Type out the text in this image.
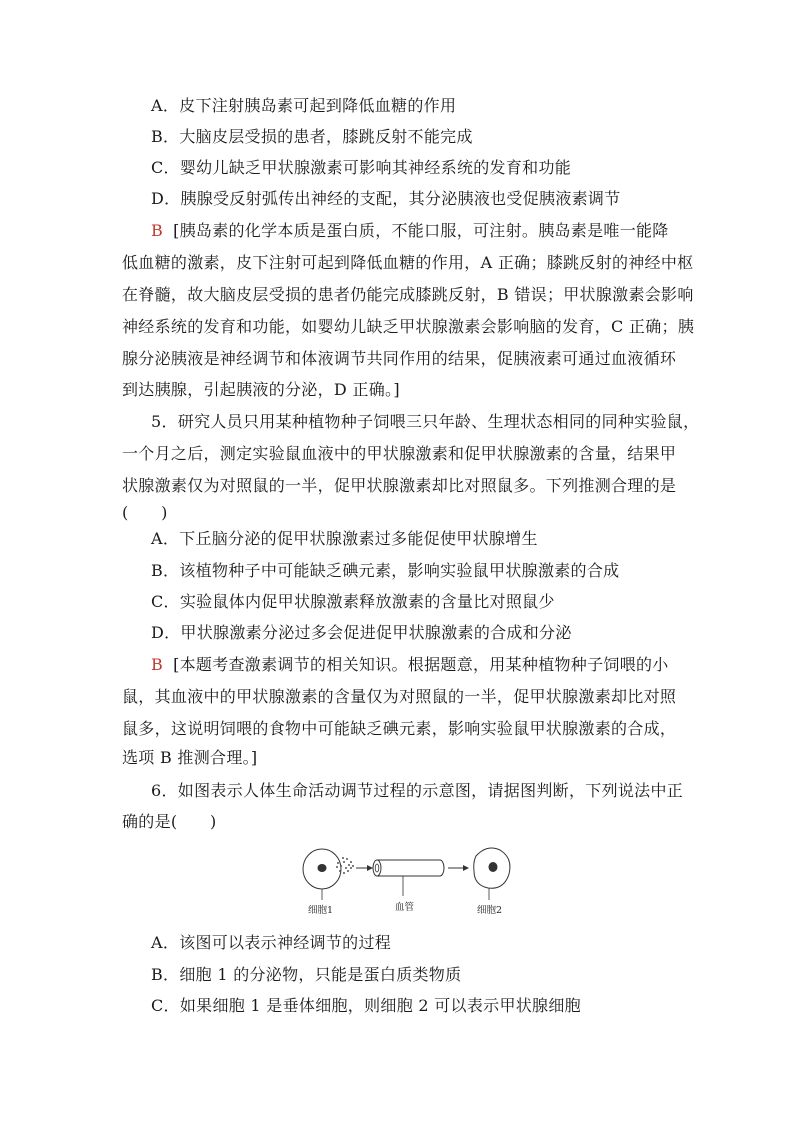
A．皮下注射胰岛素可起到降低血糖的作用
B．大脑皮层受损的患者，膝跳反射不能完成
C．婴幼儿缺乏甲状腺激素可影响其神经系统的发育和功能
D．胰腺受反射弧传出神经的支配，其分泌胰液也受促胰液素调节
B [胰岛素的化学本质是蛋白质，不能口服，可注射。胰岛素是唯一能降
低血糖的激素，皮下注射可起到降低血糖的作用，A 正确；膝跳反射的神经中枢
在脊髓，故大脑皮层受损的患者仍能完成膝跳反射，B 错误；甲状腺激素会影响
神经系统的发育和功能，如婴幼儿缺乏甲状腺激素会影响脑的发育，C 正确；胰
腺分泌胰液是神经调节和体液调节共同作用的结果，促胰液素可通过血液循环
到达胰腺，引起胰液的分泌，D 正确。]
5．研究人员只用某种植物种子饲喂三只年龄、生理状态相同的同种实验鼠，
一个月之后，测定实验鼠血液中的甲状腺激素和促甲状腺激素的含量，结果甲
状腺激素仅为对照鼠的一半，促甲状腺激素却比对照鼠多。下列推测合理的是
(　　)
A．下丘脑分泌的促甲状腺激素过多能促使甲状腺增生
B．该植物种子中可能缺乏碘元素，影响实验鼠甲状腺激素的合成
C．实验鼠体内促甲状腺激素释放激素的含量比对照鼠少
D．甲状腺激素分泌过多会促进促甲状腺激素的合成和分泌
B [本题考查激素调节的相关知识。根据题意，用某种植物种子饲喂的小
鼠，其血液中的甲状腺激素的含量仅为对照鼠的一半，促甲状腺激素却比对照
鼠多，这说明饲喂的食物中可能缺乏碘元素，影响实验鼠甲状腺激素的合成，
选项 B 推测合理。]
6．如图表示人体生命活动调节过程的示意图，请据图判断，下列说法中正
确的是(　　)
细胞1	血管	细胞2
A．该图可以表示神经调节的过程
B．细胞 1 的分泌物，只能是蛋白质类物质
C．如果细胞 1 是垂体细胞，则细胞 2 可以表示甲状腺细胞
